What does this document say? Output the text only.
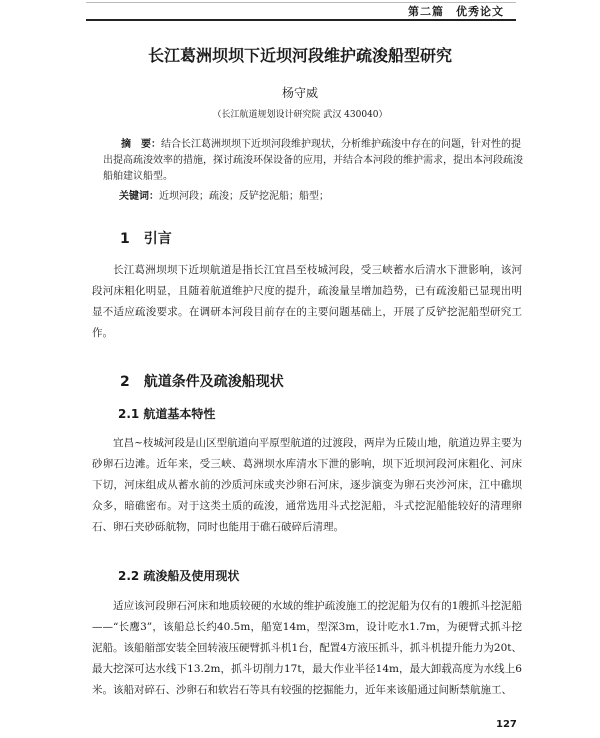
第二篇　优秀论文
长江葛洲坝坝下近坝河段维护疏浚船型研究
杨守威
（长江航道规划设计研究院 武汉 430040）
摘　要：结合长江葛洲坝坝下近坝河段维护现状，分析维护疏浚中存在的问题，针对性的提出提高疏浚效率的措施，探讨疏浚环保设备的应用，并结合本河段的维护需求，提出本河段疏浚船舶建议船型。
关键词：近坝河段；疏浚；反铲挖泥船；船型；
1　引言
长江葛洲坝坝下近坝航道是指长江宜昌至枝城河段，受三峡蓄水后清水下泄影响，该河段河床粗化明显，且随着航道维护尺度的提升，疏浚量呈增加趋势，已有疏浚船已显现出明显不适应疏浚要求。在调研本河段目前存在的主要问题基础上，开展了反铲挖泥船型研究工作。
2　航道条件及疏浚船现状
2.1 航道基本特性
宜昌~枝城河段是山区型航道向平原型航道的过渡段，两岸为丘陵山地，航道边界主要为砂卵石边滩。近年来，受三峡、葛洲坝水库清水下泄的影响，坝下近坝河段河床粗化、河床下切，河床组成从蓄水前的沙质河床或夹沙卵石河床，逐步演变为卵石夹沙河床，江中礁坝众多，暗礁密布。对于这类土质的疏浚，通常选用斗式挖泥船，斗式挖泥船能较好的清理卵石、卵石夹砂砾航物，同时也能用于礁石破碎后清理。
2.2 疏浚船及使用现状
适应该河段卵石河床和地质较硬的水域的维护疏浚施工的挖泥船为仅有的1艘抓斗挖泥船——“长鹰3”，该船总长约40.5m，船宽14m，型深3m，设计吃水1.7m，为硬臂式抓斗挖泥船。该船艏部安装全回转液压硬臂抓斗机1台，配置4方液压抓斗，抓斗机提升能力为20t、最大挖深可达水线下13.2m，抓斗切削力17t，最大作业半径14m，最大卸载高度为水线上6米。该船对碎石、沙卵石和软岩石等具有较强的挖掘能力，近年来该船通过间断禁航施工、
127
